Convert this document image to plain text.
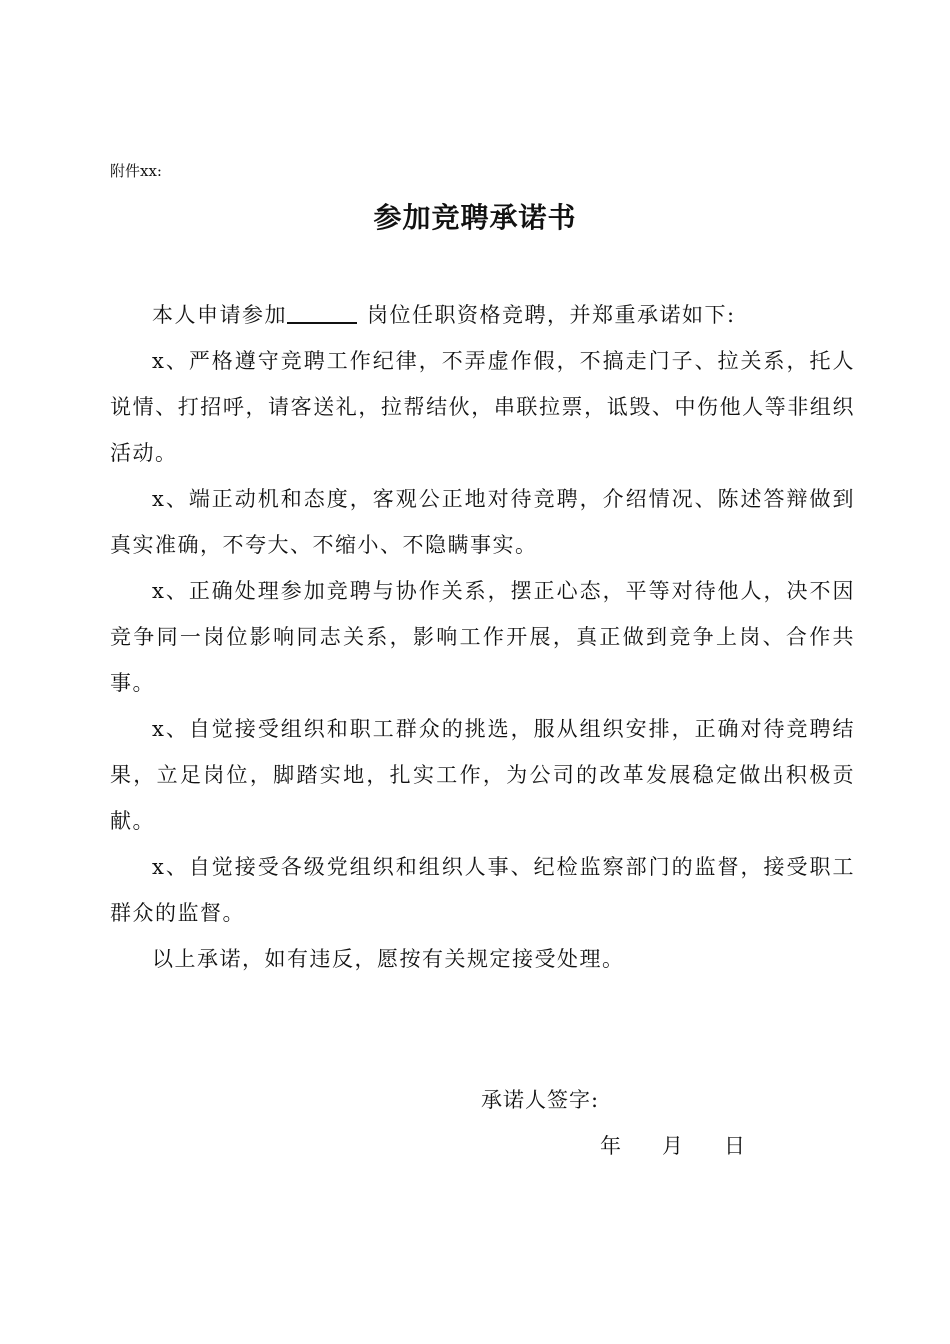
附件xx:
参加竞聘承诺书

本人申请参加	岗位任职资格竞聘，并郑重承诺如下:

x、严格遵守竞聘工作纪律，不弄虚作假，不搞走门子、拉关系，托人说情、打招呼，请客送礼，拉帮结伙，串联拉票，诋毁、中伤他人等非组织活动。

x、端正动机和态度，客观公正地对待竞聘，介绍情况、陈述答辩做到真实准确，不夸大、不缩小、不隐瞒事实。

x、正确处理参加竞聘与协作关系，摆正心态，平等对待他人，决不因竞争同一岗位影响同志关系，影响工作开展，真正做到竞争上岗、合作共事。

x、自觉接受组织和职工群众的挑选，服从组织安排，正确对待竞聘结果，立足岗位，脚踏实地，扎实工作，为公司的改革发展稳定做出积极贡献。

x、自觉接受各级党组织和组织人事、纪检监察部门的监督，接受职工群众的监督。

以上承诺，如有违反，愿按有关规定接受处理。

承诺人签字:
年 月 日
